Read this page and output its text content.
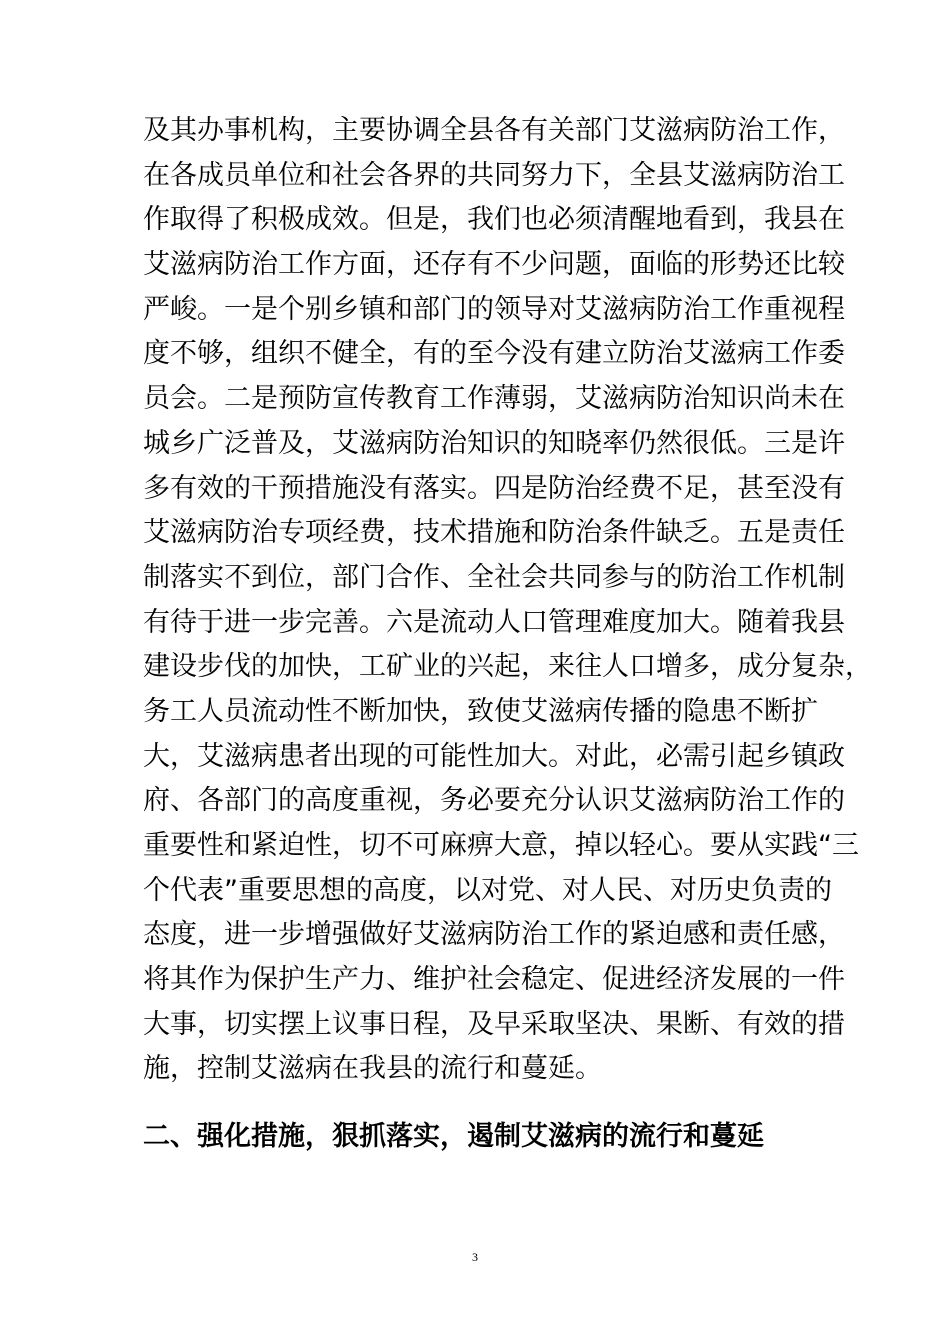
及其办事机构，主要协调全县各有关部门艾滋病防治工作，
在各成员单位和社会各界的共同努力下，全县艾滋病防治工
作取得了积极成效。但是，我们也必须清醒地看到，我县在
艾滋病防治工作方面，还存有不少问题，面临的形势还比较
严峻。一是个别乡镇和部门的领导对艾滋病防治工作重视程
度不够，组织不健全，有的至今没有建立防治艾滋病工作委
员会。二是预防宣传教育工作薄弱，艾滋病防治知识尚未在
城乡广泛普及，艾滋病防治知识的知晓率仍然很低。三是许
多有效的干预措施没有落实。四是防治经费不足，甚至没有
艾滋病防治专项经费，技术措施和防治条件缺乏。五是责任
制落实不到位，部门合作、全社会共同参与的防治工作机制
有待于进一步完善。六是流动人口管理难度加大。随着我县
建设步伐的加快，工矿业的兴起，来往人口增多，成分复杂，
务工人员流动性不断加快，致使艾滋病传播的隐患不断扩
大，艾滋病患者出现的可能性加大。对此，必需引起乡镇政
府、各部门的高度重视，务必要充分认识艾滋病防治工作的
重要性和紧迫性，切不可麻痹大意，掉以轻心。要从实践“三
个代表”重要思想的高度，以对党、对人民、对历史负责的
态度，进一步增强做好艾滋病防治工作的紧迫感和责任感，
将其作为保护生产力、维护社会稳定、促进经济发展的一件
大事，切实摆上议事日程，及早采取坚决、果断、有效的措
施，控制艾滋病在我县的流行和蔓延。
二、强化措施，狠抓落实，遏制艾滋病的流行和蔓延
3
